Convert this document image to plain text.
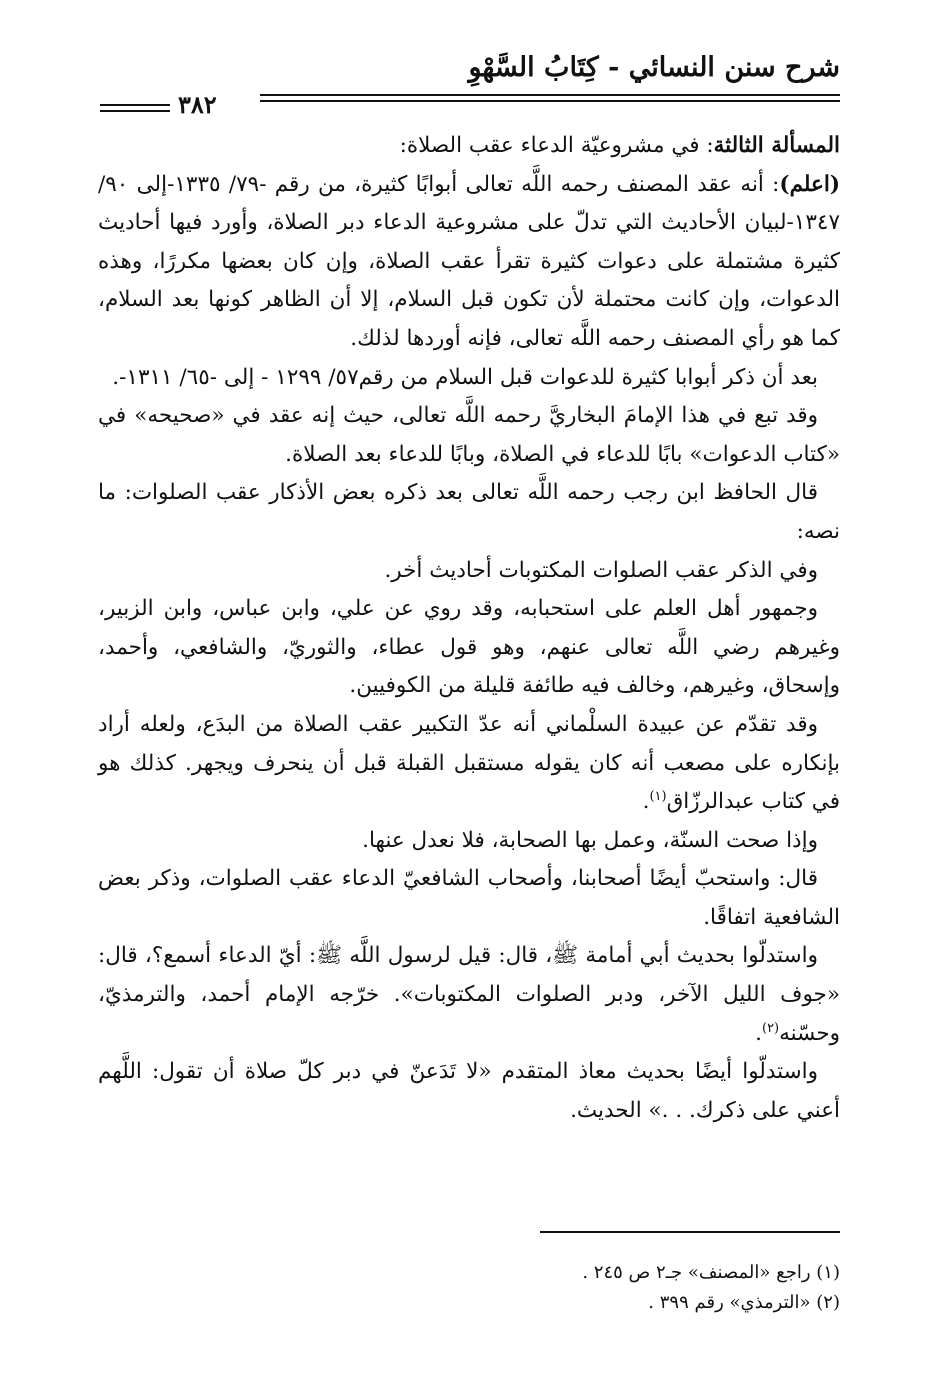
شرح سنن النسائي - كِتَابُ السَّهْوِ
٣٨٢

المسألة الثالثة: في مشروعيّة الدعاء عقب الصلاة:

(اعلم): أنه عقد المصنف رحمه اللَّه تعالى أبوابًا كثيرة، من رقم -٧٩/ ١٣٣٥-إلى ٩٠/ ١٣٤٧-لبيان الأحاديث التي تدلّ على مشروعية الدعاء دبر الصلاة، وأورد فيها أحاديث كثيرة مشتملة على دعوات كثيرة تقرأ عقب الصلاة، وإن كان بعضها مكررًا، وهذه الدعوات، وإن كانت محتملة لأن تكون قبل السلام، إلا أن الظاهر كونها بعد السلام، كما هو رأي المصنف رحمه اللَّه تعالى، فإنه أوردها لذلك.

بعد أن ذكر أبوابا كثيرة للدعوات قبل السلام من رقم٥٧/ ١٢٩٩ - إلى -٦٥/ ١٣١١-.

وقد تبع في هذا الإمامَ البخاريَّ رحمه اللَّه تعالى، حيث إنه عقد في «صحيحه» في «كتاب الدعوات» بابًا للدعاء في الصلاة، وبابًا للدعاء بعد الصلاة.

قال الحافظ ابن رجب رحمه اللَّه تعالى بعد ذكره بعض الأذكار عقب الصلوات: ما نصه:

وفي الذكر عقب الصلوات المكتوبات أحاديث أخر.

وجمهور أهل العلم على استحبابه، وقد روي عن علي، وابن عباس، وابن الزبير، وغيرهم رضي اللَّه تعالى عنهم، وهو قول عطاء، والثوريّ، والشافعي، وأحمد، وإسحاق، وغيرهم، وخالف فيه طائفة قليلة من الكوفيين.

وقد تقدّم عن عبيدة السلْماني أنه عدّ التكبير عقب الصلاة من البدَع، ولعله أراد بإنكاره على مصعب أنه كان يقوله مستقبل القبلة قبل أن ينحرف ويجهر. كذلك هو في كتاب عبدالرزّاق$^{(١)}$.

وإذا صحت السنّة، وعمل بها الصحابة، فلا نعدل عنها.

قال: واستحبّ أيضًا أصحابنا، وأصحاب الشافعيّ الدعاء عقب الصلوات، وذكر بعض الشافعية اتفاقًا.

واستدلّوا بحديث أبي أمامة ﷺ، قال: قيل لرسول اللَّه ﷺ: أيّ الدعاء أسمع؟، قال: «جوف الليل الآخر، ودبر الصلوات المكتوبات». خرّجه الإمام أحمد، والترمذيّ، وحسّنه$^{(٢)}$.

واستدلّوا أيضًا بحديث معاذ المتقدم «لا تَدَعنّ في دبر كلّ صلاة أن تقول: اللَّهم أعني على ذكرك. . .» الحديث.

(١) راجع «المصنف» جـ٢ ص ٢٤٥ .
(٢) «الترمذي» رقم ٣٩٩ .
